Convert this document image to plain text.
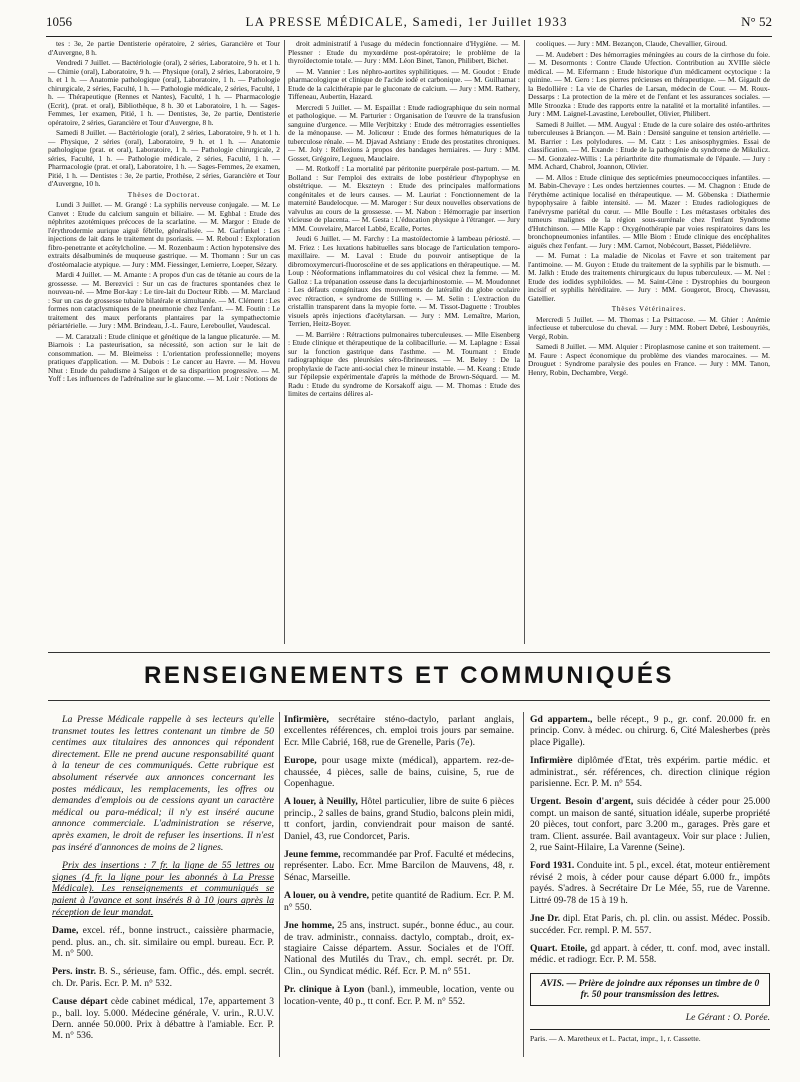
1056	LA PRESSE MÉDICALE, Samedi, 1er Juillet 1933	N° 52

tes : 3e, 2e partie Dentisterie opératoire, 2 séries, Garancière et Tour d'Auvergne, 8 h.

Vendredi 7 Juillet. — Bactériologie (oral), 2 séries, Laboratoire, 9 h. et 1 h. — Chimie (oral), Laboratoire, 9 h. — Physique (oral), 2 séries, Laboratoire, 9 h. et 1 h. — Anatomie pathologique (oral), Laboratoire, 1 h. — Pathologie chirurgicale, 2 séries, Faculté, 1 h. — Pathologie médicale, 2 séries, Faculté, 1 h. — Thérapeutique (Rennes et Nantes), Faculté, 1 h. — Pharmacologie (Ecrit), (prat. et oral), Bibliothèque, 8 h. 30 et Laboratoire, 1 h. — Sages-Femmes, 1er examen, Pitié, 1 h. — Dentistes, 3e, 2e partie, Dentisterie opératoire, 2 séries, Garancière et Tour d'Auvergne, 8 h.

Samedi 8 Juillet. — Bactériologie (oral), 2 séries, Laboratoire, 9 h. et 1 h. — Physique, 2 séries (oral), Laboratoire, 9 h. et 1 h. — Anatomie pathologique (prat. et oral), Laboratoire, 1 h. — Pathologie chirurgicale, 2 séries, Faculté, 1 h. — Pathologie médicale, 2 séries, Faculté, 1 h. — Pharmacologie (prat. et oral), Laboratoire, 1 h. — Sages-Femmes, 2e examen, Pitié, 1 h. — Dentistes : 3e, 2e partie, Prothèse, 2 séries, Garancière et Tour d'Auvergne, 10 h.

Thèses de Doctorat.

Lundi 3 Juillet. — M. Grangé : La syphilis nerveuse conjugale. — M. Le Canvet : Etude du calcium sanguin et biliaire. — M. Eghbal : Etude des néphrites azotémiques précoces de la scarlatine. — M. Margor : Etude de l'érythrodermie aurique aiguë fébrile, généralisée. — M. Garfunkel : Les injections de lait dans le traitement du psoriasis. — M. Reboul : Exploration fibro-penetrante et acétylcholine. — M. Rozenbaum : Action hypotensive des extraits désalbuminés de muqueuse gastrique. — M. Thomann : Sur un cas d'ostéomalacie atypique. — Jury : MM. Fiessinger, Lemierre, Loeper, Sézary.

Mardi 4 Juillet. — M. Amante : A propos d'un cas de tétanie au cours de la grossesse. — M. Berezvici : Sur un cas de fractures spontanées chez le nouveau-né. — Mme Bor-kay : Le tire-lait du Docteur Ribb. — M. Marclaud : Sur un cas de grossesse tubaire bilatérale et simultanée. — M. Clément : Les formes non cataclysmiques de la pneumonie chez l'enfant. — M. Foutin : Le traitement des maux perforants plantaires par la sympathectomie périartérielle. — Jury : MM. Brindeau, J.-L. Faure, Lereboullet, Vaudescal.

— M. Caratzali : Etude clinique et génétique de la langue plicaturée. — M. Biarnois : La pasteurisation, sa nécessité, son action sur le lait de consommation. — M. Bleimeiss : L'orientation professionnelle; moyens pratiques d'application. — M. Dubois : Le cancer au Havre. — M. Hoveu Nhut : Etude du paludisme à Saigon et de sa disparition progressive. — M. Yoff : Les influences de l'adrénaline sur le glaucome. — M. Loir : Notions de

droit administratif à l'usage du médecin fonctionnaire d'Hygiène. — M. Plessner : Etude du myxœdème post-opératoire; le problème de la thyroïdectomie totale. — Jury : MM. Léon Binet, Tanon, Philibert, Bichet.

— M. Vannier : Les néphro-aortites syphilitiques. — M. Goudot : Etude pharmacologique et clinique de l'acide iodé et carbonique. — M. Guilhamat : Etude de la calcithérapie par le gluconate de calcium. — Jury : MM. Rathery, Tiffeneau, Aubertin, Hazard.

Mercredi 5 Juillet. — M. Espaillat : Etude radiographique du sein normal et pathologique. — M. Parturier : Organisation de l'œuvre de la transfusion sanguine d'urgence. — Mlle Verjbitzky : Etude des métrorragies essentielles de la ménopause. — M. Jolicœur : Etude des formes hématuriques de la tuberculose rénale. — M. Djavad Ashtiany : Etude des prostatites chroniques. — M. Joly : Réflexions à propos des bandages herniaires. — Jury : MM. Gosset, Grégoire, Legueu, Mauclaire.

— M. Rotkoff : La mortalité par péritonite puerpérale post-partum. — M. Bolland : Sur l'emploi des extraits de lobe postérieur d'hypophyse en obstétrique. — M. Ekszteyn : Etude des principales malformations congénitales et de leurs causes. — M. Lauriat : Fonctionnement de la maternité Baudelocque. — M. Maroger : Sur deux nouvelles observations de valvulus au cours de la grossesse. — M. Nabon : Hémorragie par insertion vicieuse de placenta. — M. Gesta : L'éducation physique à l'étranger. — Jury : MM. Couvelaire, Marcel Labbé, Ecalle, Portes.

Jeudi 6 Juillet. — M. Farchy : La mastoïdectomie à lambeau périosté. — M. Friez : Les luxations habituelles sans blocage de l'articulation temporo-maxillaire. — M. Laval : Etude du pouvoir antiseptique de la dibromoxymercuri-fluoroscéine et de ses applications en thérapeutique. — M. Loup : Néoformations inflammatoires du col vésical chez la femme. — M. Galloz : La trépanation osseuse dans la decujarhinostomie. — M. Moudonnet : Les défauts congénitaux des mouvements de latéralité du globe oculaire avec rétraction, « syndrome de Stilling ». — M. Selin : L'extraction du cristallin transparent dans la myopie forte. — M. Tissot-Daguette : Troubles visuels après injections d'acétylarsan. — Jury : MM. Lemaître, Marion, Terrien, Heitz-Boyer.

— M. Barrière : Rétractions pulmonaires tuberculeuses. — Mlle Eisenberg : Etude clinique et thérapeutique de la colibacillurie. — M. Laplagne : Essai sur la fonction gastrique dans l'asthme. — M. Tournant : Etude radiographique des pleurésies séro-fibrineuses. — M. Beley : De la prophylaxie de l'acte anti-social chez le mineur instable. — M. Keang : Etude sur l'épilepsie expérimentale d'après la méthode de Brown-Séquard. — M. Radu : Etude du syndrome de Korsakoff aigu. — M. Thomas : Etude des limites de certains délires al-

cooliques. — Jury : MM. Bezançon, Claude, Chevallier, Giroud.

— M. Audebert : Des hémorragies méningées au cours de la cirrhose du foie. — M. Desormonts : Contre Claude Ufection. Contribution au XVIIIe siècle médical. — M. Eifermann : Etude historique d'un médicament ocytocique : la quinine. — M. Gero : Les pierres précieuses en thérapeutique. — M. Gigault de la Bedollière : La vie de Charles de Larsan, médecin de Cour. — M. Roux-Dessarps : La protection de la mère et de l'enfant et les assurances sociales. — Mlle Stroozka : Etude des rapports entre la natalité et la mortalité infantiles. — Jury : MM. Laignel-Lavastine, Lereboullet, Olivier, Philibert.

Samedi 8 Juillet. — MM. Augyal : Etude de la cure solaire des ostéo-arthrites tuberculeuses à Briançon. — M. Bain : Densité sanguine et tension artérielle. — M. Barrier : Les polylodures. — M. Catz : Les anisosphygmies. Essai de classification. — M. Exande : Etude de la pathogénie du syndrome de Mikulicz. — M. Gonzalez-Willis : La périarthrite dite rhumatismale de l'épaule. — Jury : MM. Achard, Chabrol, Joannon, Olivier.

— M. Allos : Etude clinique des septicémies pneumococciques infantiles. — M. Babin-Chevaye : Les ondes hertziennes courtes. — M. Chagnon : Etude de l'érythème actinique localisé en thérapeutique. — M. Göbenska : Diathermie hypophysaire à faible intensité. — M. Mazer : Etudes radiologiques de l'anévrysme pariétal du cœur. — Mlle Boulle : Les métastases orbitales des tumeurs malignes de la région sous-surrénale chez l'enfant Syndrome d'Hutchinson. — Mlle Kapp : Oxygénothérapie par voies respiratoires dans les bronchopneumonies infantiles. — Mlle Biom : Etude clinique des encéphalites aiguës chez l'enfant. — Jury : MM. Carnot, Nobécourt, Basset, Piédelièvre.

— M. Fumat : La maladie de Nicolas et Favre et son traitement par l'antimoine. — M. Guyon : Etude du traitement de la syphilis par le bismuth. — M. Jalkh : Etude des traitements chirurgicaux du lupus tuberculeux. — M. Nel : Etude des iodides syphiloïdes. — M. Saint-Cène : Dystrophies du bourgeon incisif et syphilis héréditaire. — Jury : MM. Gougerot, Brocq, Chevassu, Gatellier.

Thèses Vétérinaires.

Mercredi 5 Juillet. — M. Thomas : La Psittacose. — M. Ghier : Anémie infectieuse et tuberculose du cheval. — Jury : MM. Robert Debré, Lesbouyriès, Vergé, Robin.

Samedi 8 Juillet. — MM. Alquier : Piroplasmose canine et son traitement. — M. Faure : Aspect économique du problème des viandes marocaines. — M. Drouguet : Syndrome paralysie des poules en France. — Jury : MM. Tanon, Henry, Robin, Dechambre, Vergé.

RENSEIGNEMENTS ET COMMUNIQUÉS

La Presse Médicale rappelle à ses lecteurs qu'elle transmet toutes les lettres contenant un timbre de 50 centimes aux titulaires des annonces qui répondent directement. Elle ne prend aucune responsabilité quant à la teneur de ces communiqués. Cette rubrique est absolument réservée aux annonces concernant les postes médicaux, les remplacements, les offres ou demandes d'emplois ou de cessions ayant un caractère médical ou para-médical; il n'y est inséré aucune annonce commerciale. L'administration se réserve, après examen, le droit de refuser les insertions. Il n'est pas inséré d'annonces de moins de 2 lignes.

Prix des insertions : 7 fr. la ligne de 55 lettres ou signes (4 fr. la ligne pour les abonnés à La Presse Médicale). Les renseignements et communiqués se paient à l'avance et sont insérés 8 à 10 jours après la réception de leur mandat.

Dame, excel. réf., bonne instruct., caissière pharmacie, pend. plus. an., ch. sit. similaire ou empl. bureau. Ecr. P. M. n° 500.

Pers. instr. B. S., sérieuse, fam. Offic., dés. empl. secrét. ch. Dr. Paris. Ecr. P. M. n° 532.

Cause départ cède cabinet médical, 17e, appartement 3 p., ball. loy. 5.000. Médecine générale, V. urin., R.U.V. Dern. année 50.000. Prix à débattre à l'amiable. Ecr. P. M. n° 536.

Infirmière, secrétaire sténo-dactylo, parlant anglais, excellentes références, ch. emploi trois jours par semaine. Ecr. Mlle Cabrié, 168, rue de Grenelle, Paris (7e).

Europe, pour usage mixte (médical), appartem. rez-de-chaussée, 4 pièces, salle de bains, cuisine, 5, rue de Copenhague.

A louer, à Neuilly, Hôtel particulier, libre de suite 6 pièces princip., 2 salles de bains, grand Studio, balcons plein midi, tt confort, jardin, conviendrait pour maison de santé. Daniel, 43, rue Condorcet, Paris.

Jeune femme, recommandée par Prof. Faculté et médecins, représenter. Labo. Ecr. Mme Barcilon de Mauvens, 48, r. Sénac, Marseille.

A louer, ou à vendre, petite quantité de Radium. Ecr. P. M. n° 550.

Jne homme, 25 ans, instruct. supér., bonne éduc., au cour. de trav. administr., connaiss. dactylo, comptab., droit, ex-stagiaire Caisse départem. Assur. Sociales et de l'Off. National des Mutilés du Trav., ch. empl. secrét. pr. Dr. Clin., ou Syndicat médic. Réf. Ecr. P. M. n° 551.

Pr. clinique à Lyon (banl.), immeuble, location, vente ou location-vente, 40 p., tt conf. Ecr. P. M. n° 552.

Gd appartem., belle récept., 9 p., gr. conf. 20.000 fr. en princip. Conv. à médec. ou chirurg. 6, Cité Malesherbes (près place Pigalle).

Infirmière diplômée d'Etat, très expérim. partie médic. et administrat., sér. références, ch. direction clinique région parisienne. Ecr. P. M. n° 554.

Urgent. Besoin d'argent, suis décidée à céder pour 25.000 compt. un maison de santé, situation idéale, superbe propriété 20 pièces, tout confort, parc 3.200 m., garages. Près gare et tram. Client. assurée. Bail avantageux. Voir sur place : Julien, 2, rue Saint-Hilaire, La Varenne (Seine).

Ford 1931. Conduite int. 5 pl., excel. état, moteur entièrement révisé 2 mois, à céder pour cause départ 6.000 fr., impôts payés. S'adres. à Secrétaire Dr Le Mée, 55, rue de Varenne. Littré 09-78 de 15 à 19 h.

Jne Dr. dipl. Etat Paris, ch. pl. clin. ou assist. Médec. Possib. succéder. Fcr. rempl. P. M. 557.

Quart. Etoile, gd appart. à céder, tt. conf. mod, avec install. médic. et radiogr. Ecr. P. M. 558.

AVIS. — Prière de joindre aux réponses un timbre de 0 fr. 50 pour transmission des lettres.
Le Gérant : O. Porée.
Paris. — A. Maretheux et L. Pactat, impr., 1, r. Cassette.
